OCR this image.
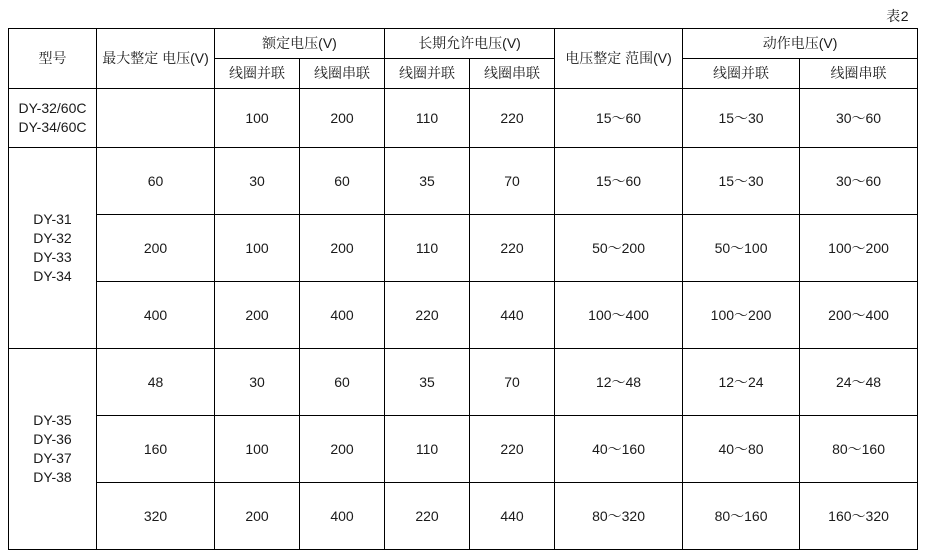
表2
型号	最大整定 电压(V)	额定电压(V)		长期允许电压(V)		电压整定 范围(V)	动作电压(V)	
		线圈并联	线圈串联	线圈并联	线圈串联		线圈并联	线圈串联

DY-32/60C
DY-34/60C		100	200	110	220	15～60	15～30	30～60

DY-31
DY-32
DY-33
DY-34	60	30	60	35	70	15～60	15～30	30～60
	200	100	200	110	220	50～200	50～100	100～200
	400	200	400	220	440	100～400	100～200	200～400

DY-35
DY-36
DY-37
DY-38	48	30	60	35	70	12～48	12～24	24～48
	160	100	200	110	220	40～160	40～80	80～160
	320	200	400	220	440	80～320	80～160	160～320
